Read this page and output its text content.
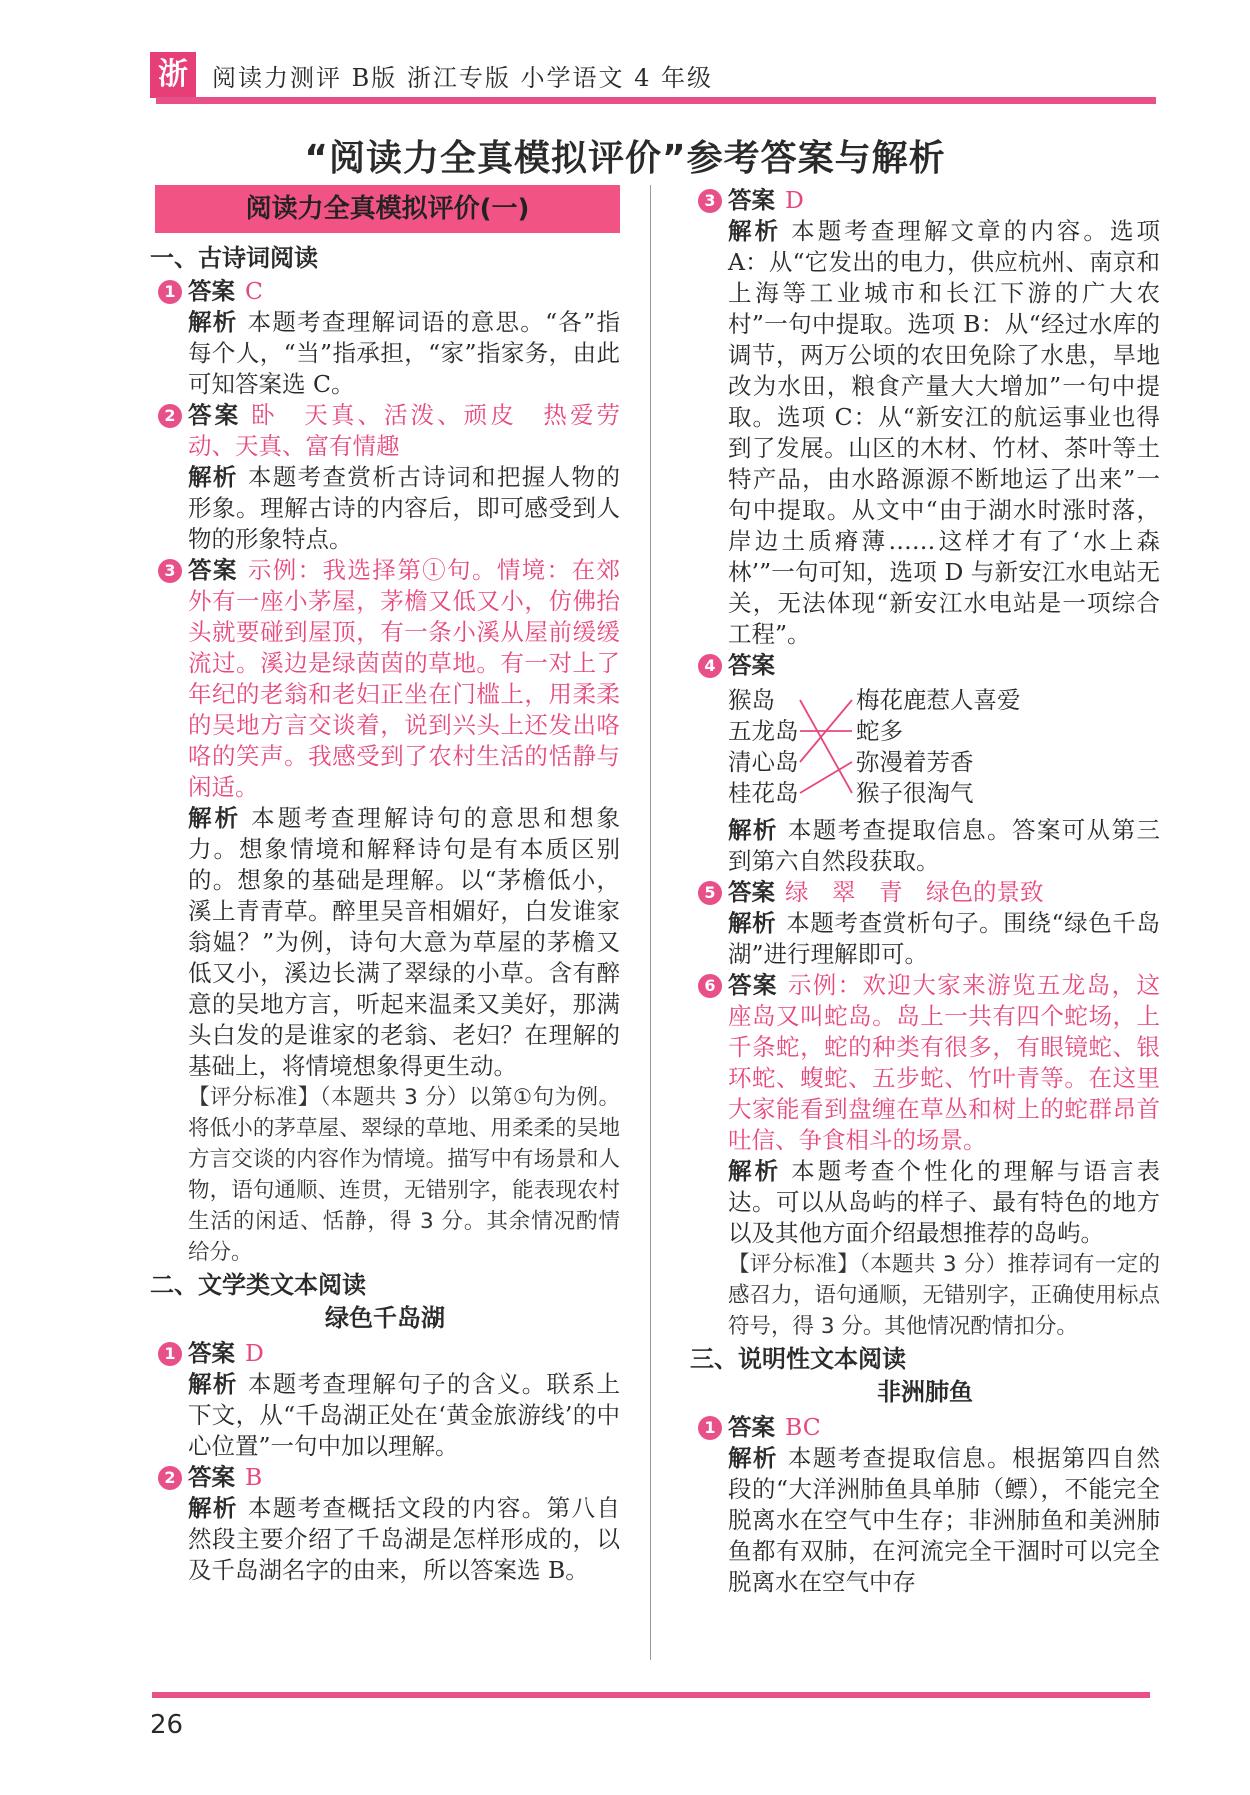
浙	阅读力测评 B版 浙江专版 小学语文 4 年级
“阅读力全真模拟评价”参考答案与解析
阅读力全真模拟评价(一)
一、古诗词阅读
1 答案 C
解析 本题考查理解词语的意思。“各”指每个人，“当”指承担，“家”指家务，由此可知答案选 C。
2 答案 卧　天真、活泼、顽皮　热爱劳动、天真、富有情趣
解析 本题考查赏析古诗词和把握人物的形象。理解古诗的内容后，即可感受到人物的形象特点。
3 答案 示例：我选择第①句。情境：在郊外有一座小茅屋，茅檐又低又小，仿佛抬头就要碰到屋顶，有一条小溪从屋前缓缓流过。溪边是绿茵茵的草地。有一对上了年纪的老翁和老妇正坐在门槛上，用柔柔的吴地方言交谈着，说到兴头上还发出咯咯的笑声。我感受到了农村生活的恬静与闲适。
解析 本题考查理解诗句的意思和想象力。想象情境和解释诗句是有本质区别的。想象的基础是理解。以“茅檐低小，溪上青青草。醉里吴音相媚好，白发谁家翁媪？”为例，诗句大意为草屋的茅檐又低又小，溪边长满了翠绿的小草。含有醉意的吴地方言，听起来温柔又美好，那满头白发的是谁家的老翁、老妇？在理解的基础上，将情境想象得更生动。
【评分标准】（本题共 3 分）以第①句为例。将低小的茅草屋、翠绿的草地、用柔柔的吴地方言交谈的内容作为情境。描写中有场景和人物，语句通顺、连贯，无错别字，能表现农村生活的闲适、恬静，得 3 分。其余情况酌情给分。
二、文学类文本阅读
绿色千岛湖
1 答案 D
解析 本题考查理解句子的含义。联系上下文，从“千岛湖正处在‘黄金旅游线’的中心位置”一句中加以理解。
2 答案 B
解析 本题考查概括文段的内容。第八自然段主要介绍了千岛湖是怎样形成的，以及千岛湖名字的由来，所以答案选 B。
3 答案 D
解析 本题考查理解文章的内容。选项 A：从“它发出的电力，供应杭州、南京和上海等工业城市和长江下游的广大农村”一句中提取。选项 B：从“经过水库的调节，两万公顷的农田免除了水患，旱地改为水田，粮食产量大大增加”一句中提取。选项 C：从“新安江的航运事业也得到了发展。山区的木材、竹材、茶叶等土特产品，由水路源源不断地运了出来”一句中提取。从文中“由于湖水时涨时落，岸边土质瘠薄……这样才有了‘水上森林’”一句可知，选项 D 与新安江水电站无关，无法体现“新安江水电站是一项综合工程”。
4 答案
猴岛
五龙岛
清心岛
桂花岛
梅花鹿惹人喜爱
蛇多
弥漫着芳香
猴子很淘气
解析 本题考查提取信息。答案可从第三到第六自然段获取。
5 答案 绿　翠　青　绿色的景致
解析 本题考查赏析句子。围绕“绿色千岛湖”进行理解即可。
6 答案 示例：欢迎大家来游览五龙岛，这座岛又叫蛇岛。岛上一共有四个蛇场，上千条蛇，蛇的种类有很多，有眼镜蛇、银环蛇、蝮蛇、五步蛇、竹叶青等。在这里大家能看到盘缠在草丛和树上的蛇群昂首吐信、争食相斗的场景。
解析 本题考查个性化的理解与语言表达。可以从岛屿的样子、最有特色的地方以及其他方面介绍最想推荐的岛屿。
【评分标准】（本题共 3 分）推荐词有一定的感召力，语句通顺，无错别字，正确使用标点符号，得 3 分。其他情况酌情扣分。
三、说明性文本阅读
非洲肺鱼
1 答案 BC
解析 本题考查提取信息。根据第四自然段的“大洋洲肺鱼具单肺（鳔），不能完全脱离水在空气中生存；非洲肺鱼和美洲肺鱼都有双肺，在河流完全干涸时可以完全脱离水在空气中存
26
